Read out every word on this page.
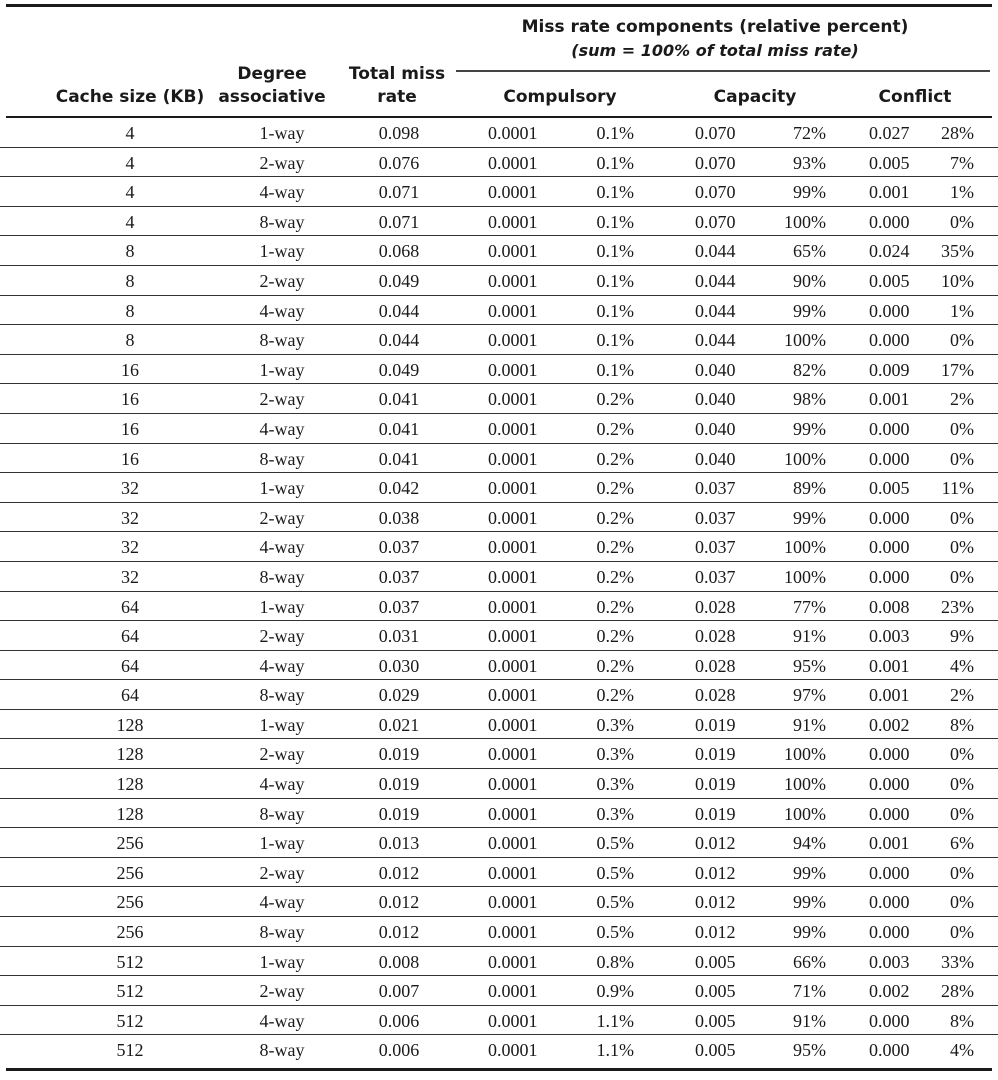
Miss rate components (relative percent)
(sum = 100% of total miss rate)
Cache size (KB)
Degree
associative
Total miss
rate	Compulsory	Capacity	Conflict
4	1-way	0.098	0.0001	0.1%	0.070	72% 0.027	28%
4	2-way	0.076	0.0001	0.1%	0.070	93% 0.005	7%
4	4-way	0.071	0.0001	0.1%	0.070	99% 0.001	1%
4	8-way	0.071	0.0001	0.1%	0.070	100% 0.000	0%
8	1-way	0.068	0.0001	0.1%	0.044	65% 0.024	35%
8	2-way	0.049	0.0001	0.1%	0.044	90% 0.005	10%
8	4-way	0.044	0.0001	0.1%	0.044	99% 0.000	1%
8	8-way	0.044	0.0001	0.1%	0.044	100% 0.000	0%
16	1-way	0.049	0.0001	0.1%	0.040	82% 0.009	17%
16	2-way	0.041	0.0001	0.2%	0.040	98% 0.001	2%
16	4-way	0.041	0.0001	0.2%	0.040	99% 0.000	0%
16	8-way	0.041	0.0001	0.2%	0.040	100% 0.000	0%
32	1-way	0.042	0.0001	0.2%	0.037	89% 0.005	11%
32	2-way	0.038	0.0001	0.2%	0.037	99% 0.000	0%
32	4-way	0.037	0.0001	0.2%	0.037	100% 0.000	0%
32	8-way	0.037	0.0001	0.2%	0.037	100% 0.000	0%
64	1-way	0.037	0.0001	0.2%	0.028	77% 0.008	23%
64	2-way	0.031	0.0001	0.2%	0.028	91% 0.003	9%
64	4-way	0.030	0.0001	0.2%	0.028	95% 0.001	4%
64	8-way	0.029	0.0001	0.2%	0.028	97% 0.001	2%
128	1-way	0.021	0.0001	0.3%	0.019	91% 0.002	8%
128	2-way	0.019	0.0001	0.3%	0.019	100% 0.000	0%
128	4-way	0.019	0.0001	0.3%	0.019	100% 0.000	0%
128	8-way	0.019	0.0001	0.3%	0.019	100% 0.000	0%
256	1-way	0.013	0.0001	0.5%	0.012	94% 0.001	6%
256	2-way	0.012	0.0001	0.5%	0.012	99% 0.000	0%
256	4-way	0.012	0.0001	0.5%	0.012	99% 0.000	0%
256	8-way	0.012	0.0001	0.5%	0.012	99% 0.000	0%
512	1-way	0.008	0.0001	0.8%	0.005	66% 0.003	33%
512	2-way	0.007	0.0001	0.9%	0.005	71% 0.002	28%
512	4-way	0.006	0.0001	1.1%	0.005	91% 0.000	8%
512	8-way	0.006	0.0001	1.1%	0.005	95% 0.000	4%
